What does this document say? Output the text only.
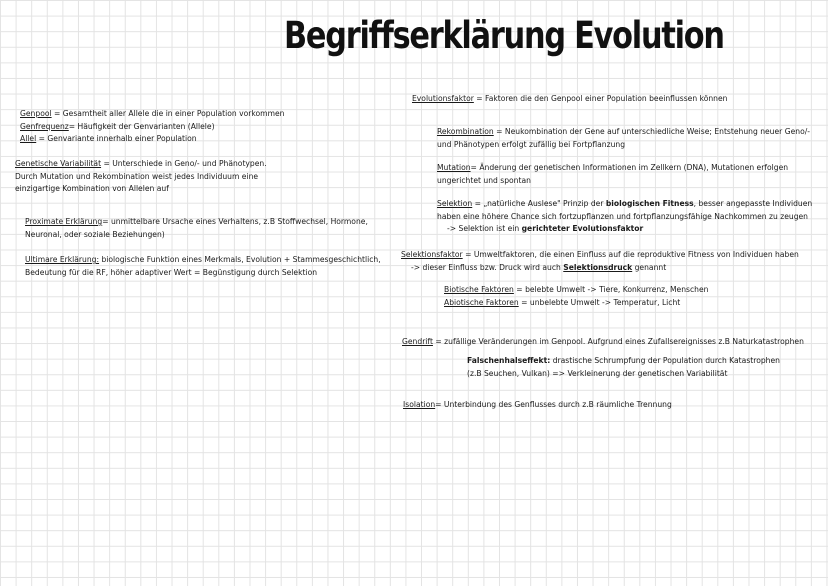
Begriffserklärung Evolution
Genpool = Gesamtheit aller Allele die in einer Population vorkommen
Genfrequenz= Häufigkeit der Genvarianten (Allele)
Allel = Genvariante innerhalb einer Population
Genetische Variabilität = Unterschiede in Geno/- und Phänotypen.
Durch Mutation und Rekombination weist jedes Individuum eine
einzigartige Kombination von Allelen auf
Proximate Erklärung= unmittelbare Ursache eines Verhaltens, z.B Stoffwechsel, Hormone,
Neuronal, oder soziale Beziehungen)
Ultimare Erklärung: biologische Funktion eines Merkmals, Evolution + Stammesgeschichtlich,
Bedeutung für die RF, höher adaptiver Wert = Begünstigung durch Selektion
Evolutionsfaktor = Faktoren die den Genpool einer Population beeinflussen können
Rekombination = Neukombination der Gene auf unterschiedliche Weise; Entstehung neuer Geno/-
und Phänotypen erfolgt zufällig bei Fortpflanzung
Mutation= Änderung der genetischen Informationen im Zellkern (DNA), Mutationen erfolgen
ungerichtet und spontan
Selektion = „natürliche Auslese" Prinzip der biologischen Fitness, besser angepasste Individuen
haben eine höhere Chance sich fortzupflanzen und fortpflanzungsfähige Nachkommen zu zeugen
-> Selektion ist ein gerichteter Evolutionsfaktor
Selektionsfaktor = Umweltfaktoren, die einen Einfluss auf die reproduktive Fitness von Individuen haben
-> dieser Einfluss bzw. Druck wird auch Selektionsdruck genannt
Biotische Faktoren = belebte Umwelt -> Tiere, Konkurrenz, Menschen
Abiotische Faktoren = unbelebte Umwelt -> Temperatur, Licht
Gendrift = zufällige Veränderungen im Genpool. Aufgrund eines Zufallsereignisses z.B Naturkatastrophen
Falschenhalseffekt: drastische Schrumpfung der Population durch Katastrophen
(z.B Seuchen, Vulkan) => Verkleinerung der genetischen Variabilität
Isolation= Unterbindung des Genflusses durch z.B räumliche Trennung
